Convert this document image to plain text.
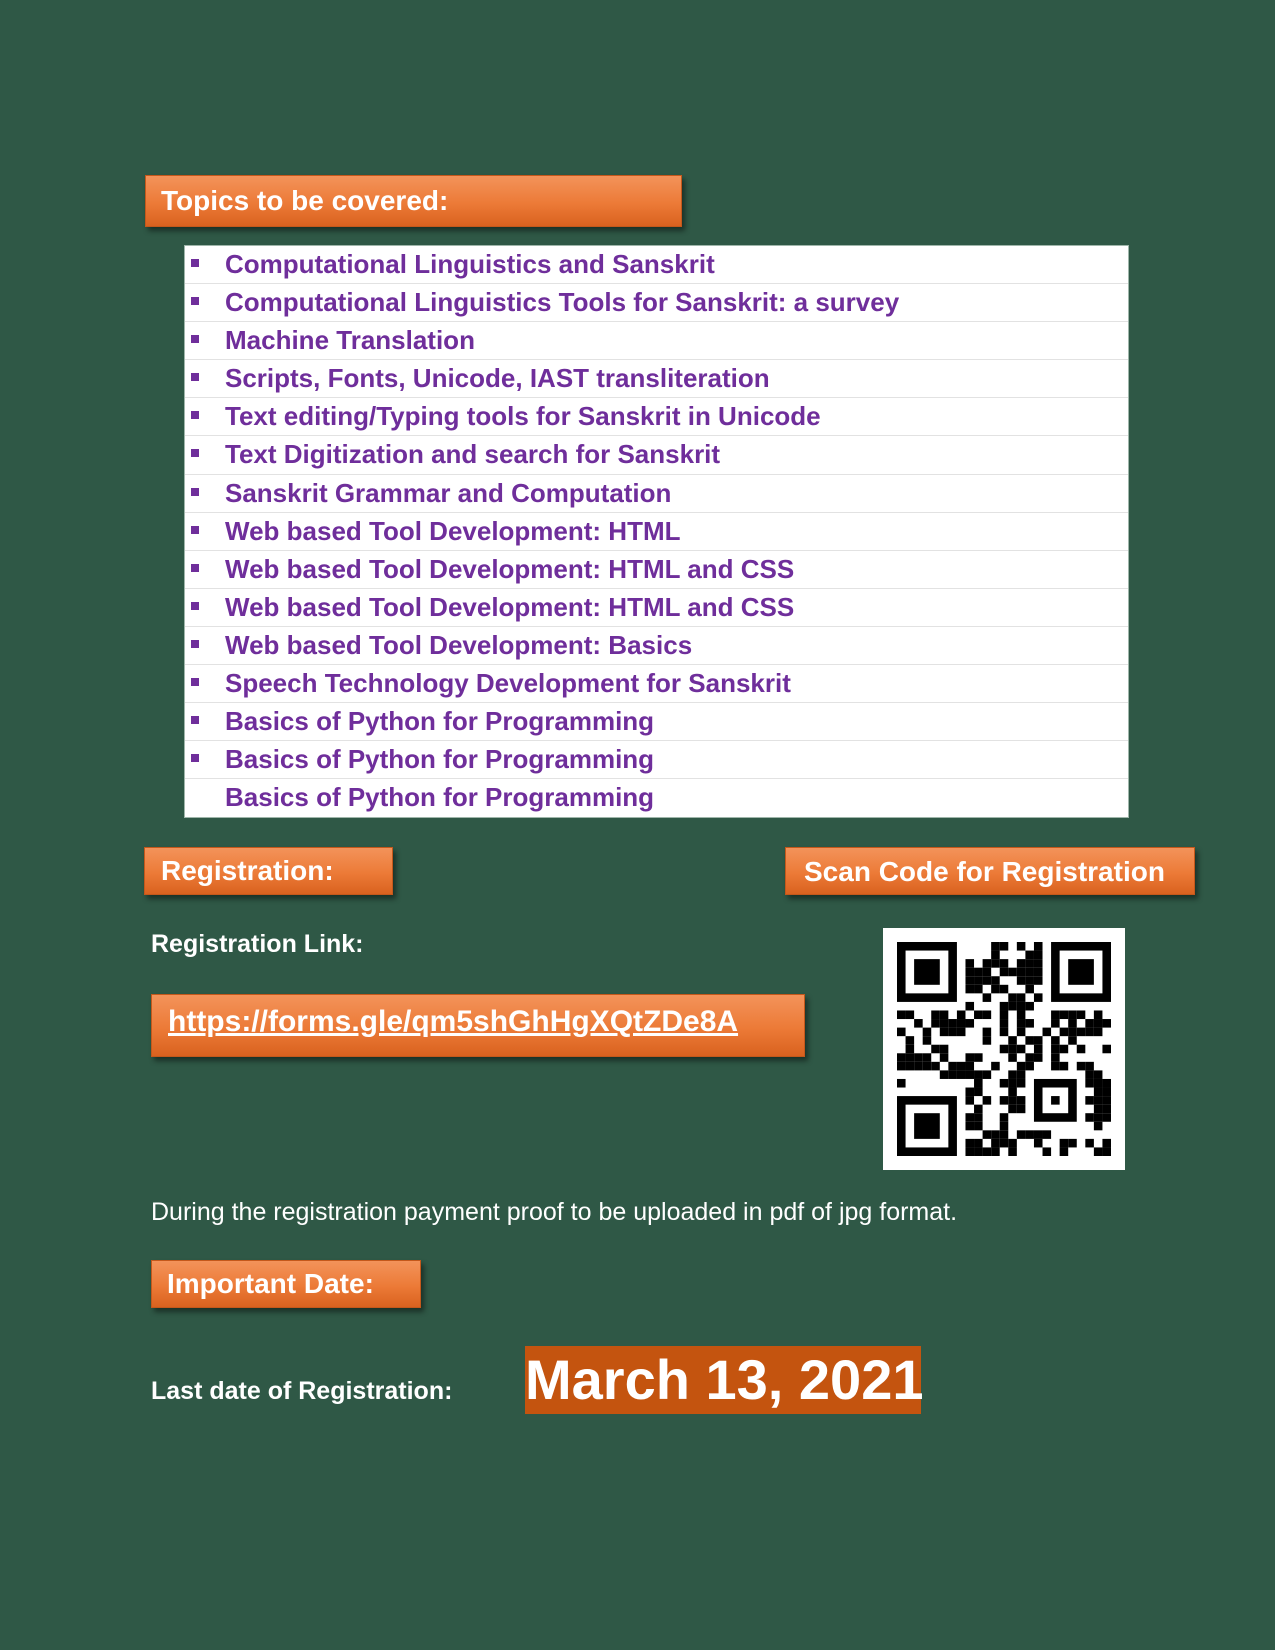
Topics to be covered:
Computational Linguistics and Sanskrit
Computational Linguistics Tools for Sanskrit: a survey
Machine Translation
Scripts, Fonts, Unicode, IAST transliteration
Text editing/Typing tools for Sanskrit in Unicode
Text Digitization and search for Sanskrit
Sanskrit Grammar and Computation
Web based Tool Development: HTML
Web based Tool Development: HTML and CSS
Web based Tool Development: HTML and CSS
Web based Tool Development: Basics
Speech Technology Development for Sanskrit
Basics of Python for Programming
Basics of Python for Programming
Basics of Python for Programming
Registration:	Scan Code for Registration
Registration Link:
https://forms.gle/qm5shGhHgXQtZDe8A
During the registration payment proof to be uploaded in pdf of jpg format.
Important Date:
Last date of Registration: March 13, 2021
